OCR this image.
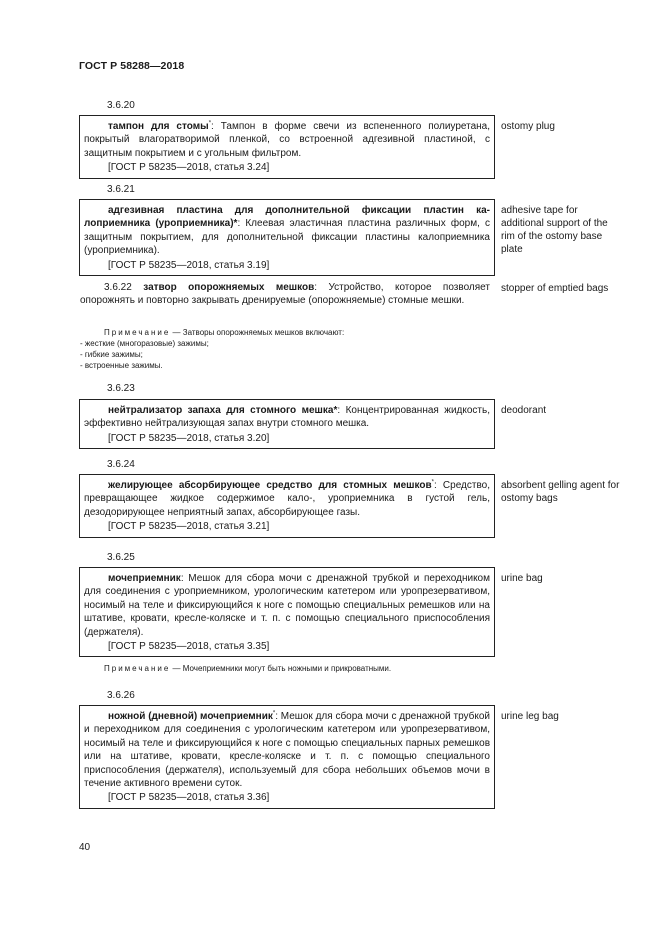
ГОСТ Р 58288—2018
3.6.20

тампон для стомы*: Тампон в форме свечи из вспененного полиуретана, покрытый влагоратворимой пленкой, со встроенной адгезивной пластиной, с защитным покрытием и с угольным фильтром.

[ГОСТ Р 58235—2018, статья 3.24]

ostomy plug
3.6.21

адгезивная пластина для дополнительной фиксации пластин калоприемника (уроприемника)*: Клеевая эластичная пластина различных форм, с защитным покрытием, для дополнительной фиксации пластины калоприемника (уроприемника).

[ГОСТ Р 58235—2018, статья 3.19]

adhesive tape for additional support of the rim of the ostomy base plate

3.6.22 затвор опорожняемых мешков: Устройство, которое позволяет опорожнять и повторно закрывать дренируемые (опорожняемые) стомные мешки.

stopper of emptied bags

Примечание — Затворы опорожняемых мешков включают:

- жесткие (многоразовые) зажимы;

- гибкие зажимы;

- встроенные зажимы.

3.6.23

нейтрализатор запаха для стомного мешка*: Концентрированная жидкость, эффективно нейтрализующая запах внутри стомного мешка.

[ГОСТ Р 58235—2018, статья 3.20]

deodorant
3.6.24

желирующее абсорбирующее средство для стомных мешков*: Средство, превращающее жидкое содержимое кало-, уроприемника в густой гель, дезодорирующее неприятный запах, абсорбирующее газы.

[ГОСТ Р 58235—2018, статья 3.21]

absorbent gelling agent for ostomy bags
3.6.25

мочеприемник: Мешок для сбора мочи с дренажной трубкой и переходником для соединения с уроприемником, урологическим катетером или уропрезервативом, носимый на теле и фиксирующийся к ноге с помощью специальных ремешков или на штативе, кровати, кресле-коляске и т. п. с помощью специального приспособления (держателя).

[ГОСТ Р 58235—2018, статья 3.35]

urine bag

Примечание — Мочеприемники могут быть ножными и прикроватными.

3.6.26

ножной (дневной) мочеприемник*: Мешок для сбора мочи с дренажной трубкой и переходником для соединения с урологическим катетером или уропрезервативом, носимый на теле и фиксирующийся к ноге с помощью специальных парных ремешков или на штативе, кровати, кресле-коляске и т. п. с помощью специального приспособления (держателя), используемый для сбора небольших объемов мочи в течение активного времени суток.

[ГОСТ Р 58235—2018, статья 3.36]

urine leg bag
40
